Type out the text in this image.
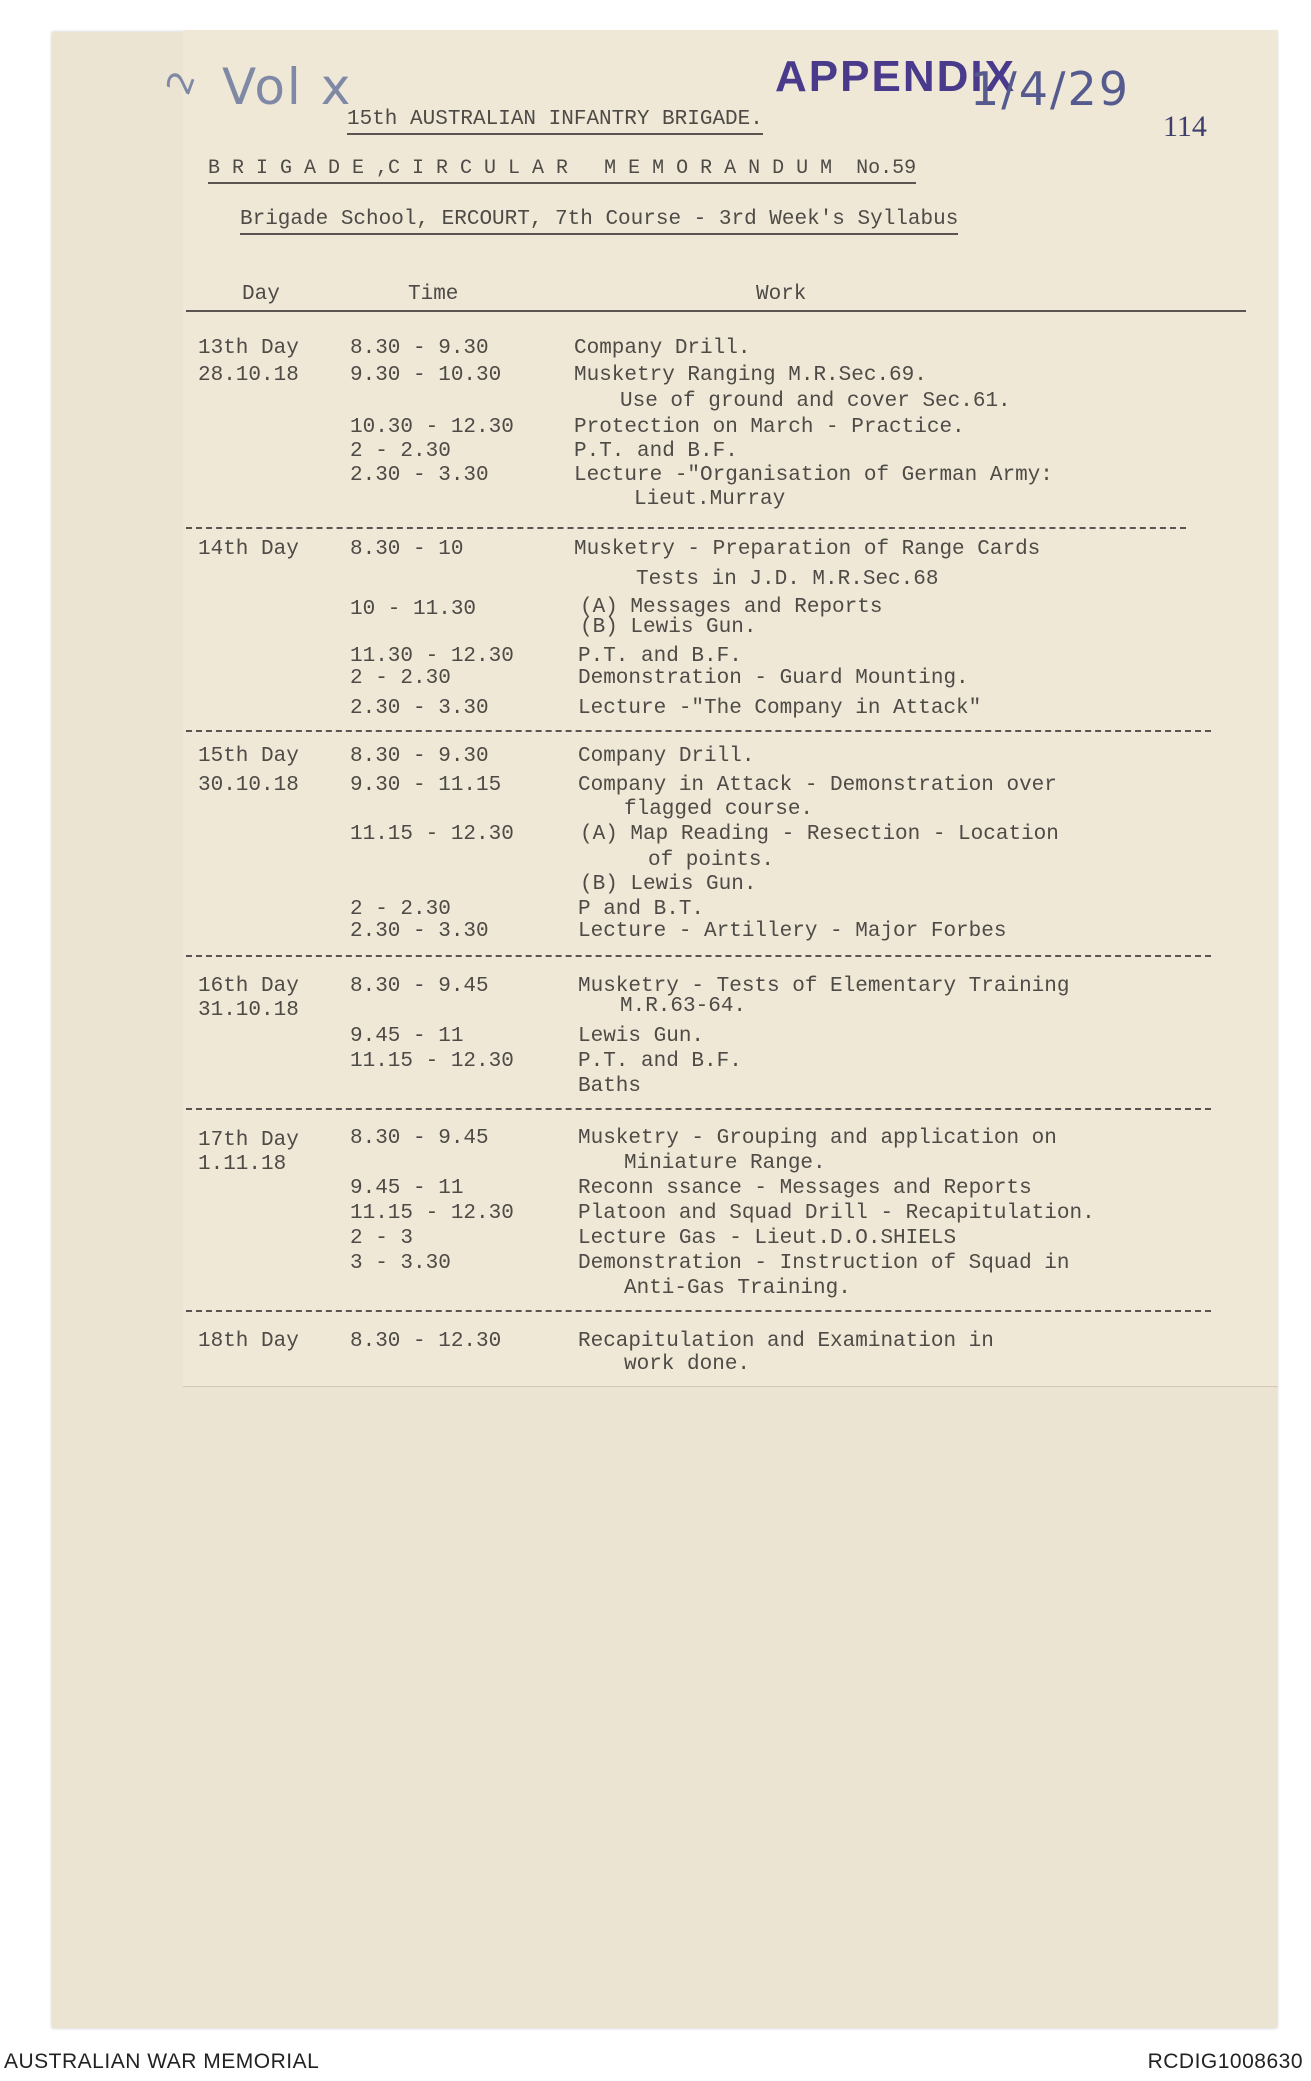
2 Vol x	APPENDIX
1/4/29
114
15th AUSTRALIAN INFANTRY BRIGADE.
B R I G A D E ,C I R C U L A R   M E M O R A N D U M  No.59
Brigade School, ERCOURT, 7th Course - 3rd Week's Syllabus
Day	Time	Work
13th Day
28.10.18
8.30 - 9.30	Company Drill.
9.30 - 10.30	Musketry Ranging M.R.Sec.69.
Use of ground and cover Sec.61.
10.30 - 12.30	Protection on March - Practice.
2 - 2.30	P.T. and B.F.
2.30 - 3.30	Lecture -"Organisation of German Army:
Lieut.Murray
14th Day 8.30 - 10	Musketry - Preparation of Range Cards
Tests in J.D. M.R.Sec.68
10 - 11.30	(A) Messages and Reports
(B) Lewis Gun.
11.30 - 12.30	P.T. and B.F.
2 - 2.30	Demonstration - Guard Mounting.
2.30 - 3.30	Lecture -"The Company in Attack"
15th Day
30.10.18
8.30 - 9.30	Company Drill.
9.30 - 11.15	Company in Attack - Demonstration over
flagged course.
11.15 - 12.30	(A) Map Reading - Resection - Location
of points.
(B) Lewis Gun.
2 - 2.30	P and B.T.
2.30 - 3.30	Lecture - Artillery - Major Forbes
16th Day
31.10.18
8.30 - 9.45	Musketry - Tests of Elementary Training
M.R.63-64.
9.45 - 11	Lewis Gun.
11.15 - 12.30	P.T. and B.F.
Baths
17th Day
1.11.18
8.30 - 9.45	Musketry - Grouping and application on
Miniature Range.
9.45 - 11	Reconn ssance - Messages and Reports
11.15 - 12.30	Platoon and Squad Drill - Recapitulation.
2 - 3	Lecture Gas - Lieut.D.O.SHIELS
3 - 3.30	Demonstration - Instruction of Squad in
Anti-Gas Training.
18th Day 8.30 - 12.30	Recapitulation and Examination in
work done.
AUSTRALIAN WAR MEMORIAL	RCDIG1008630
